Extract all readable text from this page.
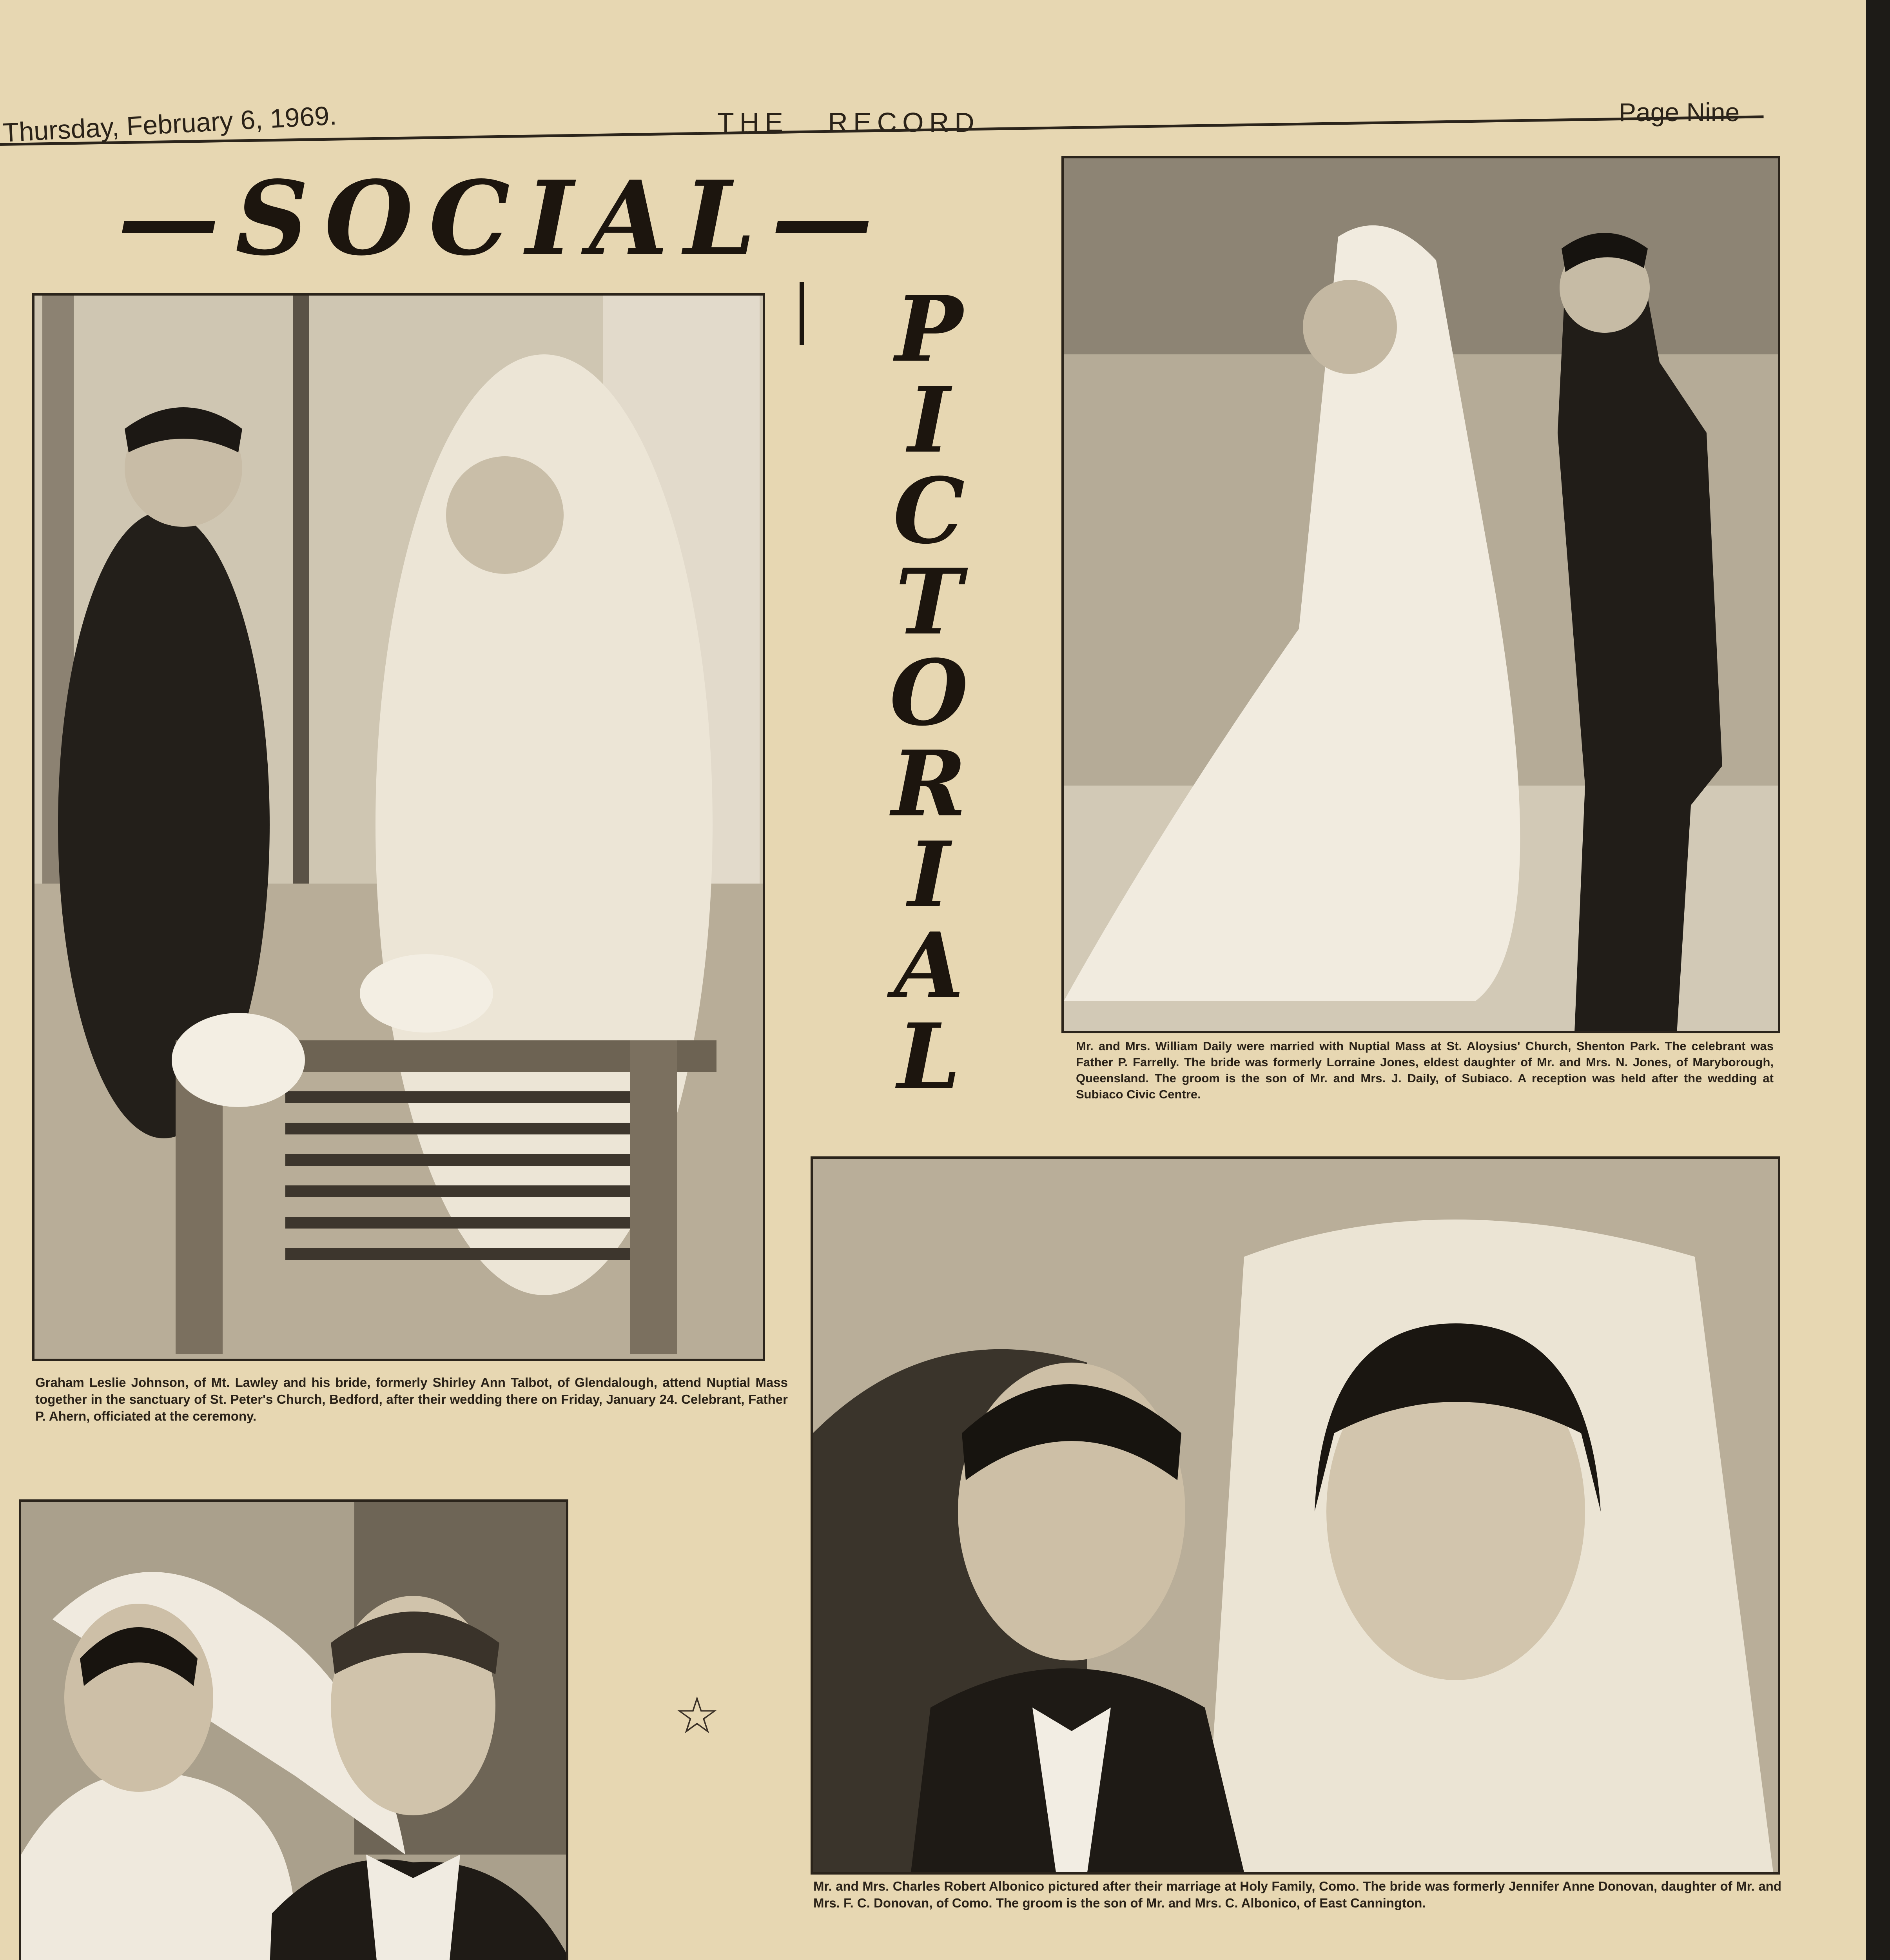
Thursday, February 6, 1969.	THE   RECORD	Page Nine
—SOCIAL—
P
I
C
T
O
R
I
A
L
Graham Leslie Johnson, of Mt. Lawley and his bride, formerly Shirley Ann Talbot, of Glendalough, attend Nuptial Mass together in the sanctuary of St. Peter's Church, Bedford, after their wedding there on Friday, January 24. Celebrant, Father P. Ahern, officiated at the ceremony.
Mr. and Mrs. William Daily were married with Nuptial Mass at St. Aloysius' Church, Shenton Park. The celebrant was Father P. Farrelly. The bride was formerly Lorraine Jones, eldest daughter of Mr. and Mrs. N. Jones, of Maryborough, Queensland. The groom is the son of Mr. and Mrs. J. Daily, of Subiaco. A reception was held after the wedding at Subiaco Civic Centre.
Mr. and Mrs. Charles Robert Albonico pictured after their marriage at Holy Family, Como. The bride was formerly Jennifer Anne Donovan, daughter of Mr. and Mrs. F. C. Donovan, of Como. The groom is the son of Mr. and Mrs. C. Albonico, of East Cannington.
☆
